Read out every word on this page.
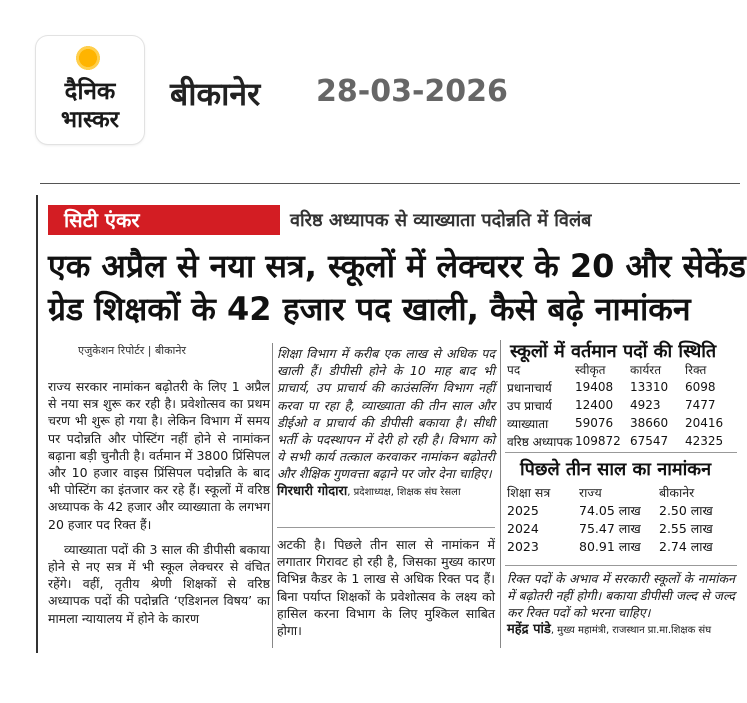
दैनिक
भास्कर
बीकानेर 28-03-2026
सिटी एंकर	वरिष्ठ अध्यापक से व्याख्याता पदोन्नति में विलंब
एक अप्रैल से नया सत्र, स्कूलों में लेक्चरर के 20 और सेकेंड
ग्रेड शिक्षकों के 42 हजार पद खाली, कैसे बढ़े नामांकन
एजुकेशन रिपोर्टर | बीकानेर
राज्य सरकार नामांकन बढ़ोतरी के लिए 1 अप्रैल से नया सत्र शुरू कर रही है। प्रवेशोत्सव का प्रथम चरण भी शुरू हो गया है। लेकिन विभाग में समय पर पदोन्नति और पोस्टिंग नहीं होने से नामांकन बढ़ाना बड़ी चुनौती है। वर्तमान में 3800 प्रिंसिपल और 10 हजार वाइस प्रिंसिपल पदोन्नति के बाद भी पोस्टिंग का इंतजार कर रहे हैं। स्कूलों में वरिष्ठ अध्यापक के 42 हजार और व्याख्याता के लगभग 20 हजार पद रिक्त हैं।
व्याख्याता पदों की 3 साल की डीपीसी बकाया होने से नए सत्र में भी स्कूल लेक्चरर से वंचित रहेंगे। वहीं, तृतीय श्रेणी शिक्षकों से वरिष्ठ अध्यापक पदों की पदोन्नति ‘एडिशनल विषय’ का मामला न्यायालय में होने के कारण
शिक्षा विभाग में करीब एक लाख से अधिक पद खाली हैं। डीपीसी होने के 10 माह बाद भी प्राचार्य, उप प्राचार्य की काउंसलिंग विभाग नहीं करवा पा रहा है, व्याख्याता की तीन साल और डीईओ व प्राचार्य की डीपीसी बकाया है। सीधी भर्ती के पदस्थापन में देरी हो रही है। विभाग को ये सभी कार्य तत्काल करवाकर नामांकन बढ़ोतरी और शैक्षिक गुणवत्ता बढ़ाने पर जोर देना चाहिए।
गिरधारी गोदारा, प्रदेशाध्यक्ष, शिक्षक संघ रेसला
अटकी है। पिछले तीन साल से नामांकन में लगातार गिरावट हो रही है, जिसका मुख्य कारण विभिन्न कैडर के 1 लाख से अधिक रिक्त पद हैं। बिना पर्याप्त शिक्षकों के प्रवेशोत्सव के लक्ष्य को हासिल करना विभाग के लिए मुश्किल साबित होगा।
स्कूलों में वर्तमान पदों की स्थिति
पद	स्वीकृत	कार्यरत	रिक्त
प्रधानाचार्य	19408	13310	6098
उप प्राचार्य	12400	4923	7477
व्याख्याता	59076	38660	20416
वरिष्ठ अध्यापक	109872	67547	42325
पिछले तीन साल का नामांकन
शिक्षा सत्र	राज्य	बीकानेर
2025	74.05 लाख	2.50 लाख
2024	75.47 लाख	2.55 लाख
2023	80.91 लाख	2.74 लाख
रिक्त पदों के अभाव में सरकारी स्कूलों के नामांकन में बढ़ोतरी नहीं होगी। बकाया डीपीसी जल्द से जल्द कर रिक्त पदों को भरना चाहिए।
महेंद्र पांडे, मुख्य महामंत्री, राजस्थान प्रा.मा.शिक्षक संघ
